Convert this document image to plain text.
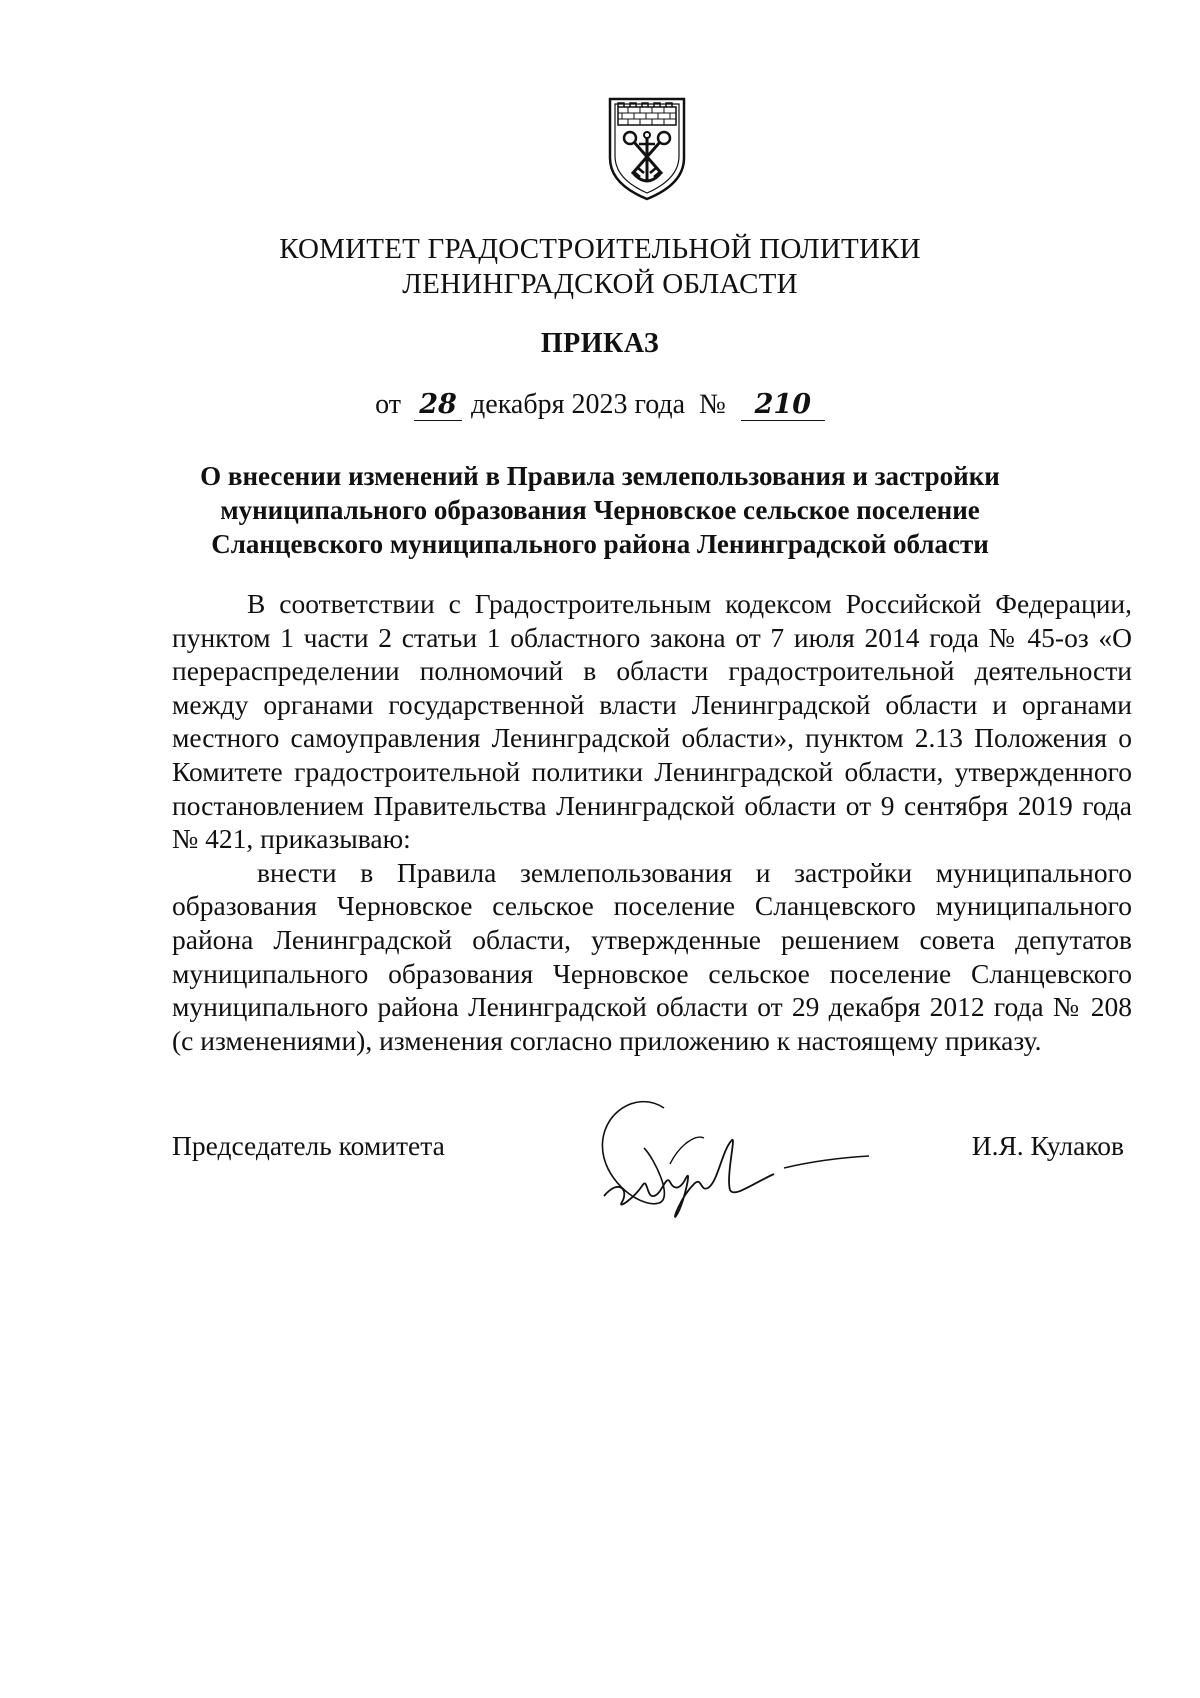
КОМИТЕТ ГРАДОСТРОИТЕЛЬНОЙ ПОЛИТИКИ
ЛЕНИНГРАДСКОЙ ОБЛАСТИ
ПРИКАЗ
от 28 декабря 2023 года № 210
О внесении изменений в Правила землепользования и застройки
муниципального образования Черновское сельское поселение
Сланцевского муниципального района Ленинградской области

В соответствии с Градостроительным кодексом Российской Федерации, пунктом 1 части 2 статьи 1 областного закона от 7 июля 2014 года № 45-оз «О перераспределении полномочий в области градостроительной деятельности между органами государственной власти Ленинградской области и органами местного самоуправления Ленинградской области», пунктом 2.13 Положения о Комитете градостроительной политики Ленинградской области, утвержденного постановлением Правительства Ленинградской области от 9 сентября 2019 года № 421, приказываю:

внести в Правила землепользования и застройки муниципального образования Черновское сельское поселение Сланцевского муниципального района Ленинградской области, утвержденные решением совета депутатов муниципального образования Черновское сельское поселение Сланцевского муниципального района Ленинградской области от 29 декабря 2012 года № 208 (с изменениями), изменения согласно приложению к настоящему приказу.

Председатель комитета	И.Я. Кулаков
